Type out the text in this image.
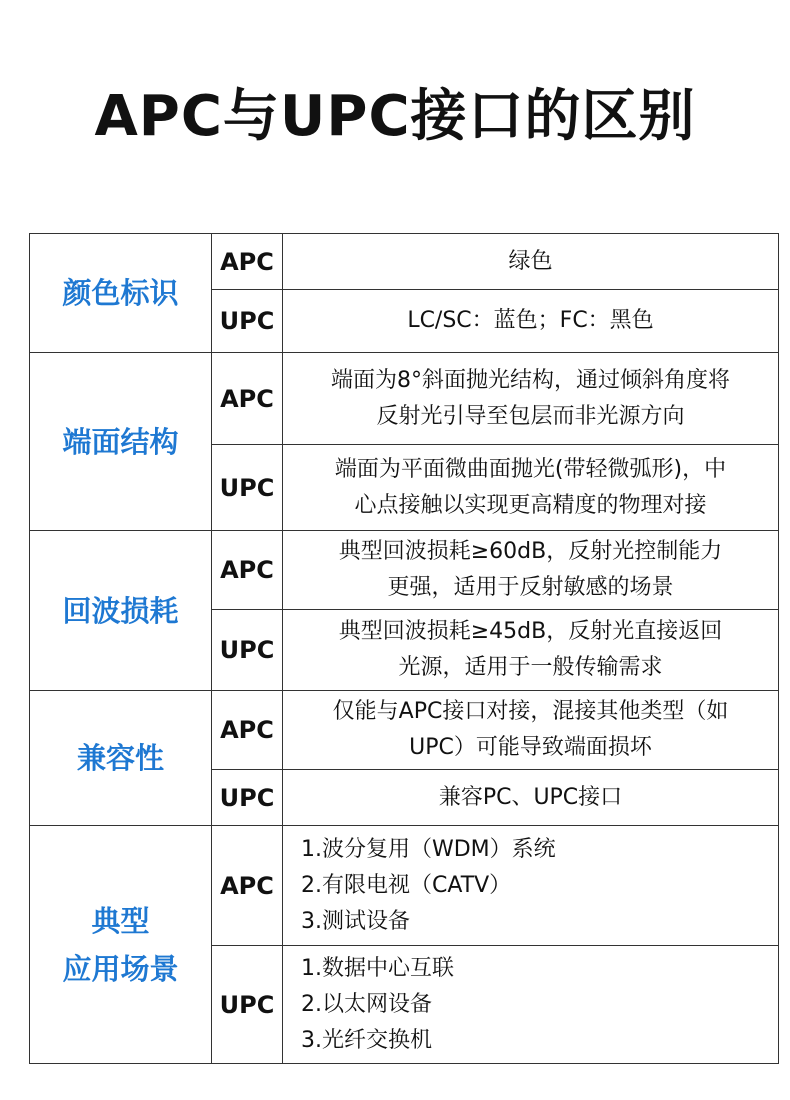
APC与UPC接口的区别
颜色标识	APC	绿色

	UPC	LC/SC：蓝色；FC：黑色

端面结构	APC	端面为8°斜面抛光结构，通过倾斜角度将
反射光引导至包层而非光源方向

	UPC	端面为平面微曲面抛光(带轻微弧形)，中
心点接触以实现更高精度的物理对接

回波损耗	APC	典型回波损耗≥60dB，反射光控制能力
更强，适用于反射敏感的场景

	UPC	典型回波损耗≥45dB，反射光直接返回
光源，适用于一般传输需求

兼容性	APC	仅能与APC接口对接，混接其他类型（如
UPC）可能导致端面损坏

	UPC	兼容PC、UPC接口

典型
应用场景	APC	1.波分复用（WDM）系统
2.有限电视（CATV）
3.测试设备

	UPC	1.数据中心互联
2.以太网设备
3.光纤交换机
